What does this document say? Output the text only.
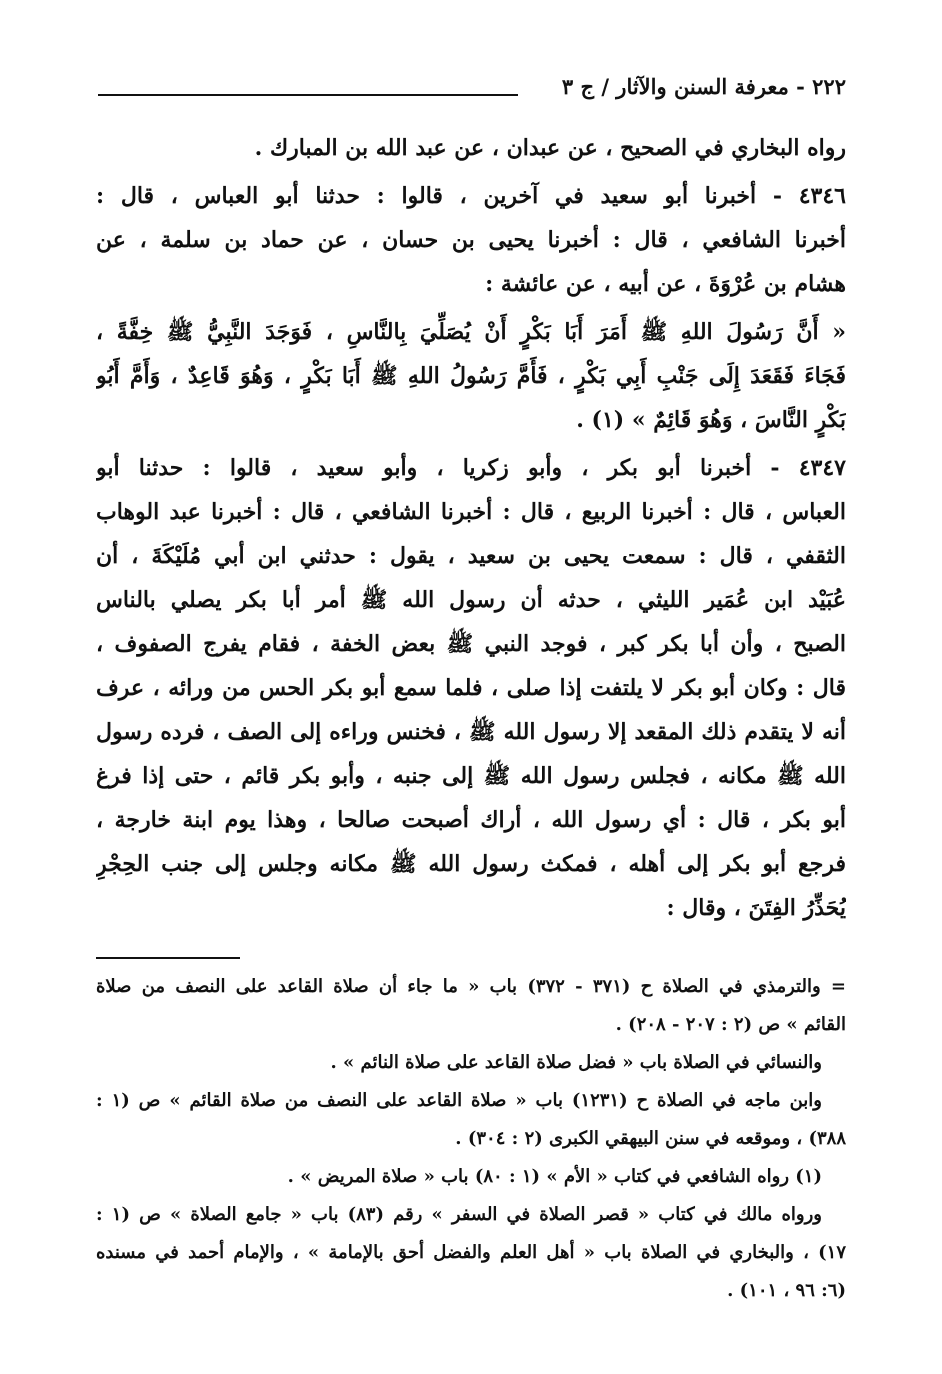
٢٢٢ - معرفة السنن والآثار / ج ٣
رواه البخاري في الصحيح ، عن عبدان ، عن عبد الله بن المبارك .
٤٣٤٦ - أخبرنا أبو سعيد في آخرين ، قالوا : حدثنا أبو العباس ، قال :
أخبرنا الشافعي ، قال : أخبرنا يحيى بن حسان ، عن حماد بن سلمة ، عن
هشام بن عُرْوَةَ ، عن أبيه ، عن عائشة :
« أَنَّ رَسُولَ اللهِ ﷺ أَمَرَ أَبَا بَكْرٍ أَنْ يُصَلِّيَ بِالنَّاسِ ، فَوَجَدَ النَّبِيُّ ﷺ خِفَّةً ،
فَجَاءَ فَقَعَدَ إِلَى جَنْبِ أَبِي بَكْرٍ ، فَأَمَّ رَسُولُ اللهِ ﷺ أَبَا بَكْرٍ ، وَهُوَ قَاعِدٌ ، وَأَمَّ أَبُو
بَكْرٍ النَّاسَ ، وَهُوَ قَائِمٌ » (١) .
٤٣٤٧ - أخبرنا أبو بكر ، وأبو زكريا ، وأبو سعيد ، قالوا : حدثنا أبو
العباس ، قال : أخبرنا الربيع ، قال : أخبرنا الشافعي ، قال : أخبرنا عبد الوهاب
الثقفي ، قال : سمعت يحيى بن سعيد ، يقول : حدثني ابن أبي مُلَيْكَةَ ، أن
عُبَيْد ابن عُمَير الليثي ، حدثه أن رسول الله ﷺ أمر أبا بكر يصلي بالناس
الصبح ، وأن أبا بكر كبر ، فوجد النبي ﷺ بعض الخفة ، فقام يفرج الصفوف ،
قال : وكان أبو بكر لا يلتفت إذا صلى ، فلما سمع أبو بكر الحس من ورائه ، عرف
أنه لا يتقدم ذلك المقعد إلا رسول الله ﷺ ، فخنس وراءه إلى الصف ، فرده رسول
الله ﷺ مكانه ، فجلس رسول الله ﷺ إلى جنبه ، وأبو بكر قائم ، حتى إذا فرغ
أبو بكر ، قال : أي رسول الله ، أراك أصبحت صالحا ، وهذا يوم ابنة خارجة ،
فرجع أبو بكر إلى أهله ، فمكث رسول الله ﷺ مكانه وجلس إلى جنب الحِجْرِ
يُحَذِّرُ الفِتَنَ ، وقال :
= والترمذي في الصلاة ح (٣٧١ - ٣٧٢) باب « ما جاء أن صلاة القاعد على النصف من صلاة
القائم » ص (٢ : ٢٠٧ - ٢٠٨) .
والنسائي في الصلاة باب « فضل صلاة القاعد على صلاة النائم » .
وابن ماجه في الصلاة ح (١٢٣١) باب « صلاة القاعد على النصف من صلاة القائم » ص (١ :
٣٨٨) ، وموقعه في سنن البيهقي الكبرى (٢ : ٣٠٤) .
(١) رواه الشافعي في كتاب « الأم » (١ : ٨٠) باب « صلاة المريض » .
ورواه مالك في كتاب « قصر الصلاة في السفر » رقم (٨٣) باب « جامع الصلاة » ص (١ :
١٧) ، والبخاري في الصلاة باب « أهل العلم والفضل أحق بالإمامة » ، والإمام أحمد في مسنده
(٦: ٩٦ ، ١٠١) .
